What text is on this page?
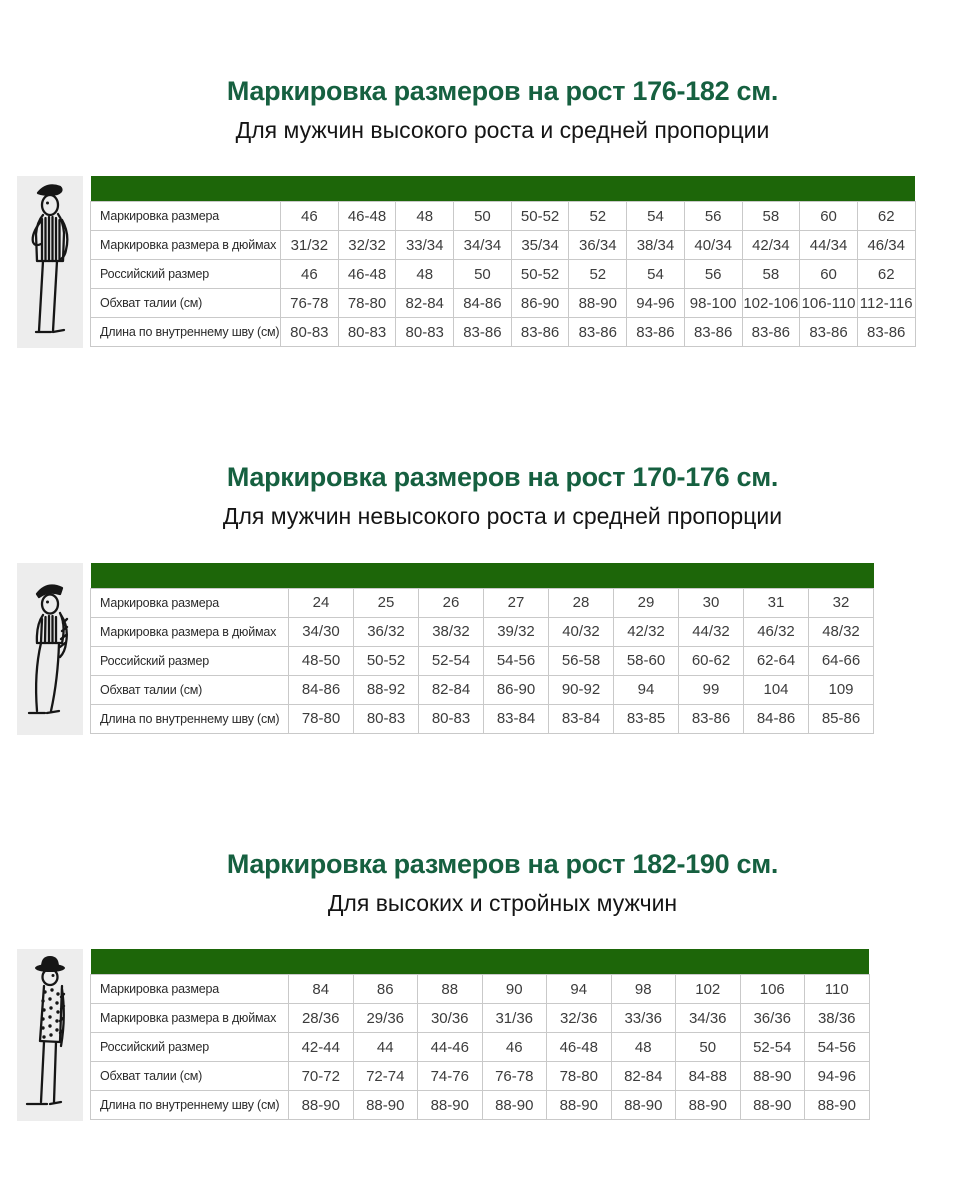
Маркировка размеров на рост 176-182 см.

Для мужчин высокого роста и средней пропорции

Маркировка размера	46	46-48	48	50	50-52	52	54	56	58	60	62
Маркировка размера в дюймах	31/32	32/32	33/34	34/34	35/34	36/34	38/34	40/34	42/34	44/34	46/34
Российский размер	46	46-48	48	50	50-52	52	54	56	58	60	62
Обхват талии (см)	76-78	78-80	82-84	84-86	86-90	88-90	94-96	98-100	102-106	106-110	112-116
Длина по внутреннему шву (см)	80-83	80-83	80-83	83-86	83-86	83-86	83-86	83-86	83-86	83-86	83-86
Маркировка размеров на рост 170-176 см.

Для мужчин невысокого роста и средней пропорции

Маркировка размера	24	25	26	27	28	29	30	31	32
Маркировка размера в дюймах	34/30	36/32	38/32	39/32	40/32	42/32	44/32	46/32	48/32
Российский размер	48-50	50-52	52-54	54-56	56-58	58-60	60-62	62-64	64-66
Обхват талии (см)	84-86	88-92	82-84	86-90	90-92	94	99	104	109
Длина по внутреннему шву (см)	78-80	80-83	80-83	83-84	83-84	83-85	83-86	84-86	85-86
Маркировка размеров на рост 182-190 см.

Для высоких и стройных мужчин

Маркировка размера	84	86	88	90	94	98	102	106	110
Маркировка размера в дюймах	28/36	29/36	30/36	31/36	32/36	33/36	34/36	36/36	38/36
Российский размер	42-44	44	44-46	46	46-48	48	50	52-54	54-56
Обхват талии (см)	70-72	72-74	74-76	76-78	78-80	82-84	84-88	88-90	94-96
Длина по внутреннему шву (см)	88-90	88-90	88-90	88-90	88-90	88-90	88-90	88-90	88-90
